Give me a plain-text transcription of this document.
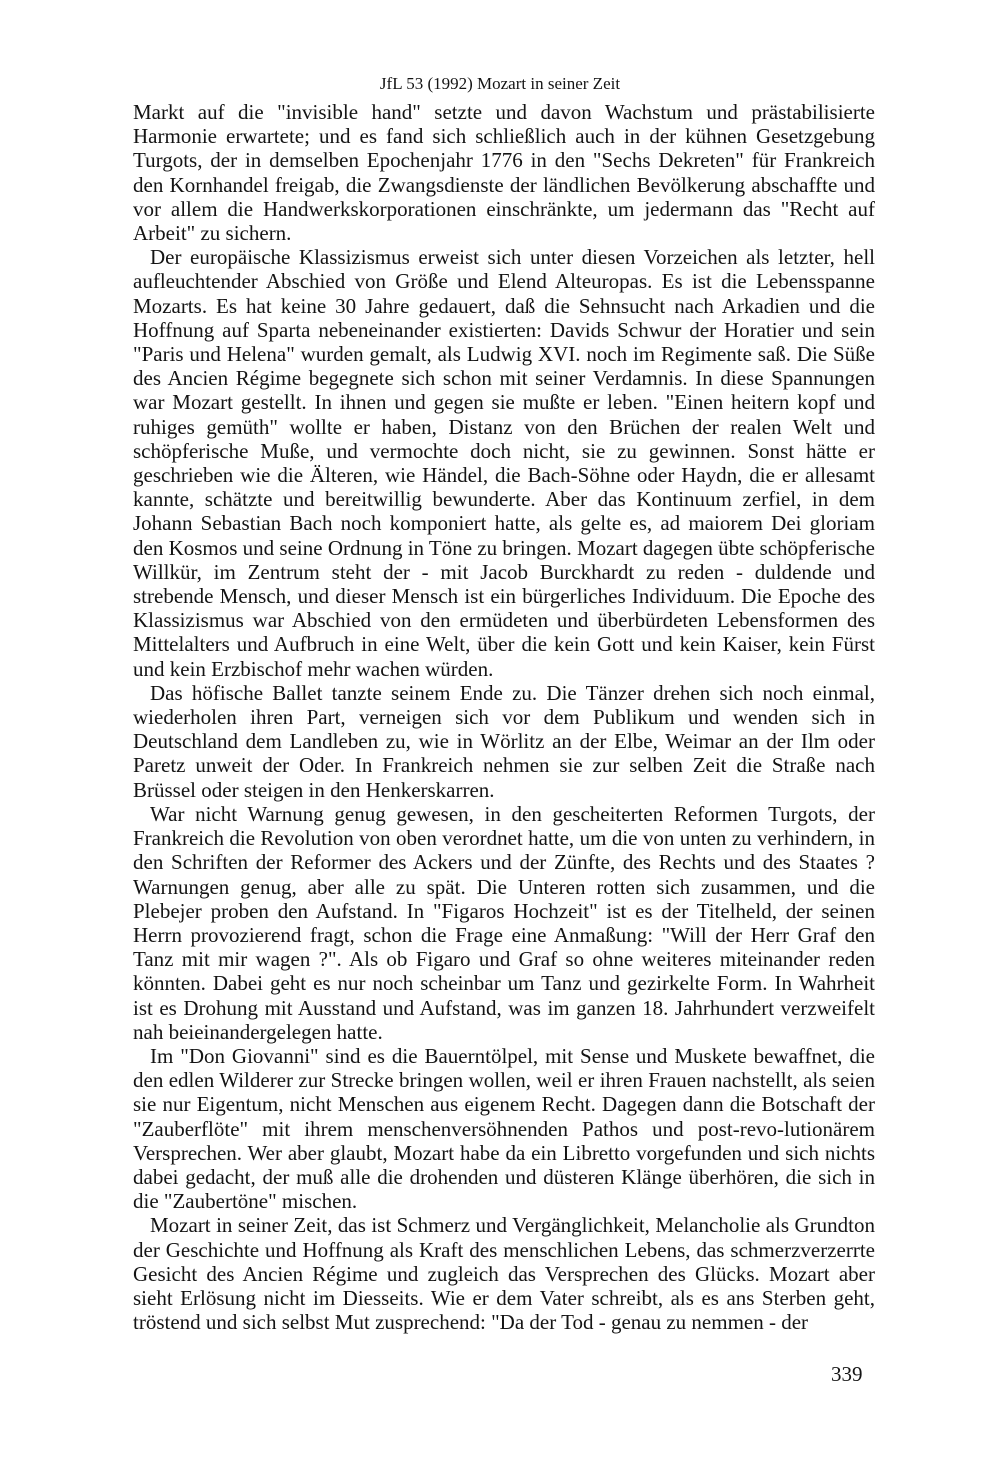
JfL 53 (1992) Mozart in seiner Zeit

Markt auf die "invisible hand" setzte und davon Wachstum und prästabilisierte Harmonie erwartete; und es fand sich schließlich auch in der kühnen Gesetzgebung Turgots, der in demselben Epochenjahr 1776 in den "Sechs Dekreten" für Frankreich den Kornhandel freigab, die Zwangsdienste der ländlichen Bevölkerung abschaffte und vor allem die Handwerkskorporationen einschränkte, um jedermann das "Recht auf Arbeit" zu sichern.

Der europäische Klassizismus erweist sich unter diesen Vorzeichen als letzter, hell aufleuchtender Abschied von Größe und Elend Alteuropas. Es ist die Lebensspanne Mozarts. Es hat keine 30 Jahre gedauert, daß die Sehnsucht nach Arkadien und die Hoffnung auf Sparta nebeneinander existierten: Davids Schwur der Horatier und sein "Paris und Helena" wurden gemalt, als Ludwig XVI. noch im Regimente saß. Die Süße des Ancien Régime begegnete sich schon mit seiner Verdamnis. In diese Spannungen war Mozart gestellt. In ihnen und gegen sie mußte er leben. "Einen heitern kopf und ruhiges gemüth" wollte er haben, Distanz von den Brüchen der realen Welt und schöpferische Muße, und vermochte doch nicht, sie zu gewinnen. Sonst hätte er geschrieben wie die Älteren, wie Händel, die Bach-Söhne oder Haydn, die er allesamt kannte, schätzte und bereitwillig bewunderte. Aber das Kontinuum zerfiel, in dem Johann Sebastian Bach noch komponiert hatte, als gelte es, ad maiorem Dei gloriam den Kosmos und seine Ordnung in Töne zu bringen. Mozart dagegen übte schöpferische Willkür, im Zentrum steht der - mit Jacob Burckhardt zu reden - duldende und strebende Mensch, und dieser Mensch ist ein bürgerliches Individuum. Die Epoche des Klassizismus war Abschied von den ermüdeten und überbürdeten Lebensformen des Mittelalters und Aufbruch in eine Welt, über die kein Gott und kein Kaiser, kein Fürst und kein Erzbischof mehr wachen würden.

Das höfische Ballet tanzte seinem Ende zu. Die Tänzer drehen sich noch einmal, wiederholen ihren Part, verneigen sich vor dem Publikum und wenden sich in Deutschland dem Landleben zu, wie in Wörlitz an der Elbe, Weimar an der Ilm oder Paretz unweit der Oder. In Frankreich nehmen sie zur selben Zeit die Straße nach Brüssel oder steigen in den Henkerskarren.

War nicht Warnung genug gewesen, in den gescheiterten Reformen Turgots, der Frankreich die Revolution von oben verordnet hatte, um die von unten zu verhindern, in den Schriften der Reformer des Ackers und der Zünfte, des Rechts und des Staates ? Warnungen genug, aber alle zu spät. Die Unteren rotten sich zusammen, und die Plebejer proben den Aufstand. In "Figaros Hochzeit" ist es der Titelheld, der seinen Herrn provozierend fragt, schon die Frage eine Anmaßung: "Will der Herr Graf den Tanz mit mir wagen ?". Als ob Figaro und Graf so ohne weiteres miteinander reden könnten. Dabei geht es nur noch scheinbar um Tanz und gezirkelte Form. In Wahrheit ist es Drohung mit Ausstand und Aufstand, was im ganzen 18. Jahrhundert verzweifelt nah beieinandergelegen hatte.

Im "Don Giovanni" sind es die Bauerntölpel, mit Sense und Muskete bewaffnet, die den edlen Wilderer zur Strecke bringen wollen, weil er ihren Frauen nachstellt, als seien sie nur Eigentum, nicht Menschen aus eigenem Recht. Dagegen dann die Botschaft der "Zauberflöte" mit ihrem menschenversöhnenden Pathos und post-revo-lutionärem Versprechen. Wer aber glaubt, Mozart habe da ein Libretto vorgefunden und sich nichts dabei gedacht, der muß alle die drohenden und düsteren Klänge überhören, die sich in die "Zaubertöne" mischen.

Mozart in seiner Zeit, das ist Schmerz und Vergänglichkeit, Melancholie als Grundton der Geschichte und Hoffnung als Kraft des menschlichen Lebens, das schmerzverzerrte Gesicht des Ancien Régime und zugleich das Versprechen des Glücks. Mozart aber sieht Erlösung nicht im Diesseits. Wie er dem Vater schreibt, als es ans Sterben geht, tröstend und sich selbst Mut zusprechend: "Da der Tod - genau zu nemmen - der

339
